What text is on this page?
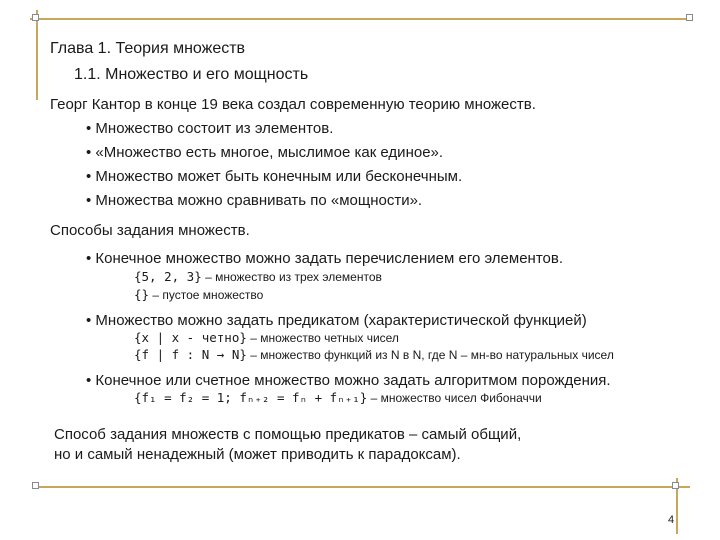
Глава 1. Теория множеств
1.1. Множество и его мощность
Георг Кантор в конце 19 века создал современную теорию множеств.
• Множество состоит из элементов.
• «Множество есть многое, мыслимое как единое».
• Множество может быть конечным или бесконечным.
• Множества можно сравнивать по «мощности».
Способы задания множеств.
• Конечное множество можно задать перечислением его элементов.
{5, 2, 3} – множество из трех элементов
{} – пустое множество
• Множество можно задать предикатом (характеристической функцией)
{x | x - четно} – множество четных чисел
{f | f : N → N} – множество функций из N в N, где N – мн-во натуральных чисел
• Конечное или счетное множество можно задать алгоритмом порождения.
{f₁ = f₂ = 1; fₙ₊₂ = fₙ + fₙ₊₁} – множество чисел Фибоначчи
Способ задания множеств с помощью предикатов – самый общий,
но и самый ненадежный (может приводить к парадоксам).
4
